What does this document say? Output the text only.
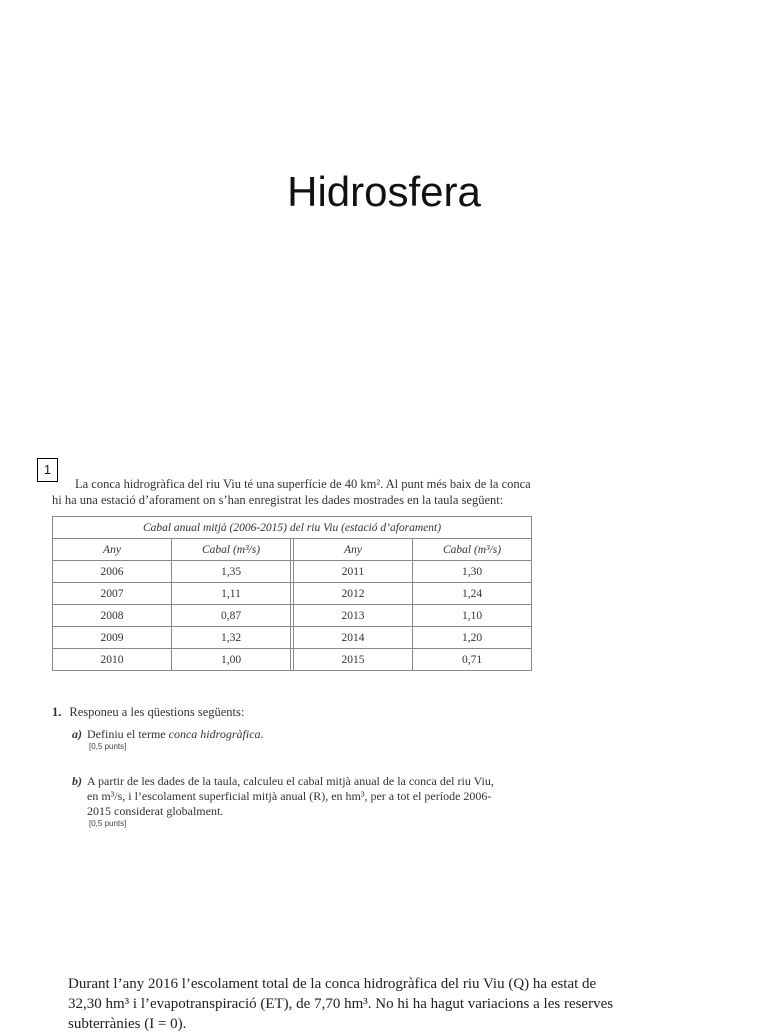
Hidrosfera
1
La conca hidrogràfica del riu Viu té una superfície de 40 km². Al punt més baix de la conca
hi ha una estació d’aforament on s’han enregistrat les dades mostrades en la taula següent:
Cabal anual mitjà (2006-2015) del riu Viu (estació d’aforament)				
Any	Cabal (m³/s)		Any	Cabal (m³/s)
2006	1,35		2011	1,30
2007	1,11		2012	1,24
2008	0,87		2013	1,10
2009	1,32		2014	1,20
2010	1,00		2015	0,71
1. Responeu a les qüestions següents:
a) Definiu el terme conca hidrogràfica.
[0,5 punts]
b) A partir de les dades de la taula, calculeu el cabal mitjà anual de la conca del riu Viu,
en m³/s, i l’escolament superficial mitjà anual (R), en hm³, per a tot el període 2006-
2015 considerat globalment.
[0,5 punts]
Durant l’any 2016 l’escolament total de la conca hidrogràfica del riu Viu (Q) ha estat de
32,30 hm³ i l’evapotranspiració (ET), de 7,70 hm³. No hi ha hagut variacions a les reserves
subterrànies (I = 0).
